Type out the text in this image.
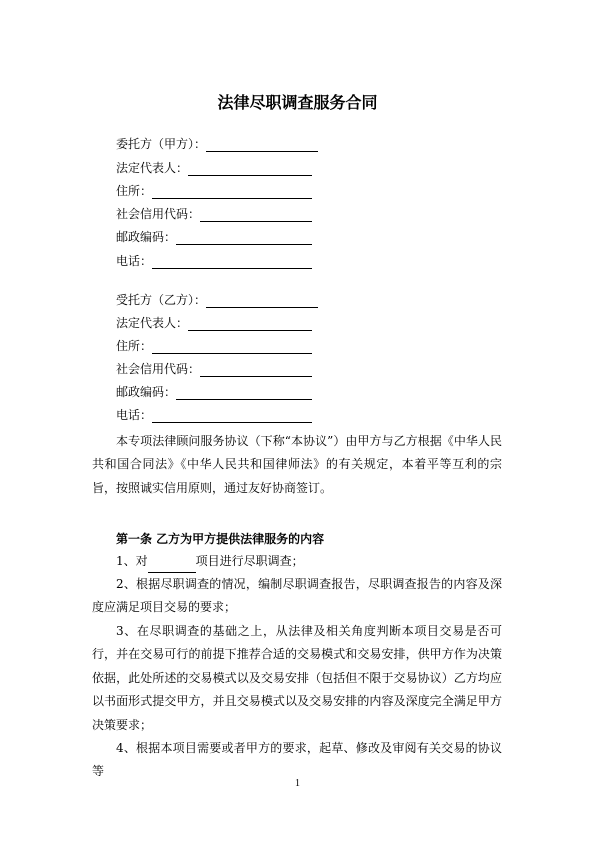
法律尽职调查服务合同
委托方（甲方）：
法定代表人：
住所：
社会信用代码：
邮政编码：
电话：
受托方（乙方）：
法定代表人：
住所：
社会信用代码：
邮政编码：
电话：
本专项法律顾问服务协议（下称“本协议”）由甲方与乙方根据《中华人民共和国合同法》《中华人民共和国律师法》的有关规定，本着平等互利的宗旨，按照诚实信用原则，通过友好协商签订。
第一条 乙方为甲方提供法律服务的内容
1、对	项目进行尽职调查；
2、根据尽职调查的情况，编制尽职调查报告，尽职调查报告的内容及深度应满足项目交易的要求；
3、在尽职调查的基础之上，从法律及相关角度判断本项目交易是否可行，并在交易可行的前提下推荐合适的交易模式和交易安排，供甲方作为决策依据，此处所述的交易模式以及交易安排（包括但不限于交易协议）乙方均应以书面形式提交甲方，并且交易模式以及交易安排的内容及深度完全满足甲方决策要求；
4、根据本项目需要或者甲方的要求，起草、修改及审阅有关交易的协议等
1
